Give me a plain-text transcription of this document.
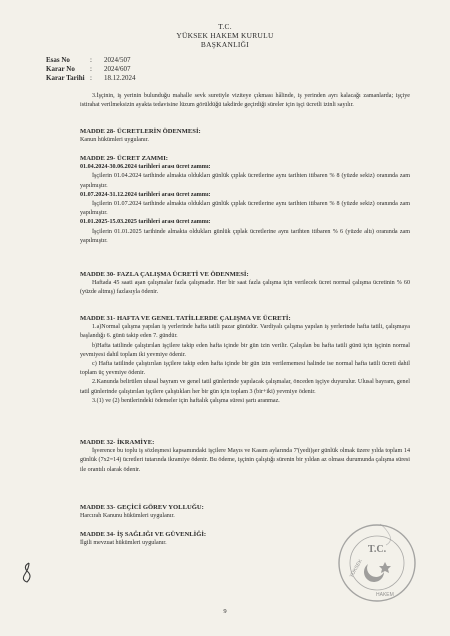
T.C.
YÜKSEK HAKEM KURULU
BAŞKANLIĞI
Esas No	: 2024/507
Karar No : 2024/607
Karar Tarihi : 18.12.2024

3.İşçinin, iş yerinin bulunduğu mahalle sevk suretiyle viziteye çıkması hâlinde, iş yerinden ayrı kalacağı zamanlarda; işçiye istirahat verilmeksizin ayakta tedavisine lüzum görüldüğü takdirde geçirdiği süreler için işçi ücretli izinli sayılır.

MADDE 28- ÜCRETLERİN ÖDENMESİ:

Kanun hükümleri uygulanır.

MADDE 29- ÜCRET ZAMMI:

01.04.2024-30.06.2024 tarihleri arası ücret zammı:

İşçilerin 01.04.2024 tarihinde almakta oldukları günlük çıplak ücretlerine aynı tarihten itibaren % 8 (yüzde sekiz) oranında zam yapılmıştır.

01.07.2024-31.12.2024 tarihleri arası ücret zammı:

İşçilerin 01.07.2024 tarihinde almakta oldukları günlük çıplak ücretlerine aynı tarihten itibaren % 8 (yüzde sekiz) oranında zam yapılmıştır.

01.01.2025-15.03.2025 tarihleri arası ücret zammı:

İşçilerin 01.01.2025 tarihinde almakta oldukları günlük çıplak ücretlerine aynı tarihten itibaren % 6 (yüzde altı) oranında zam yapılmıştır.

MADDE 30- FAZLA ÇALIŞMA ÜCRETİ VE ÖDENMESİ:

Haftada 45 saati aşan çalışmalar fazla çalışmadır. Her bir saat fazla çalışma için verilecek ücret normal çalışma ücretinin % 60 (yüzde altmış) fazlasıyla ödenir.

MADDE 31- HAFTA VE GENEL TATİLLERDE ÇALIŞMA VE ÜCRETİ:

1.a)Normal çalışma yapılan iş yerlerinde hafta tatili pazar günüdür. Vardiyalı çalışma yapılan iş yerlerinde hafta tatili, çalışmaya başlandığı 6. günü takip eden 7. gündür.

b)Hafta tatilinde çalıştırılan işçilere takip eden hafta içinde bir gün izin verilir. Çalışılan bu hafta tatili günü için işçinin normal yevmiyesi dahil toplam iki yevmiye ödenir.

c) Hafta tatilinde çalıştırılan işçilere takip eden hafta içinde bir gün izin verilememesi halinde ise normal hafta tatili ücreti dahil toplam üç yevmiye ödenir.

2.Kanunda belirtilen ulusal bayram ve genel tatil günlerinde yapılacak çalışmalar, önceden işçiye duyurulur. Ulusal bayram, genel tatil günlerinde çalıştırılan işçilere çalıştıkları her bir gün için toplam 3 (bir+iki) yevmiye ödenir.

3.(1) ve (2) bentlerindeki ödemeler için haftalık çalışma süresi şartı aranmaz.

MADDE 32- İKRAMİYE:

İşverence bu toplu iş sözleşmesi kapsamındaki işçilere Mayıs ve Kasım aylarında 7'(yedi)şer günlük olmak üzere yılda toplam 14 günlük (7x2=14) ücretleri tutarında ikramiye ödenir. Bu ödeme, işçinin çalıştığı sürenin bir yıldan az olması durumunda çalışma süresi ile orantılı olarak ödenir.

MADDE 33- GEÇİCİ GÖREV YOLLUĞU:

Harcırah Kanunu hükümleri uygulanır.

MADDE 34- İŞ SAĞLIĞI VE GÜVENLİĞİ:

İlgili mevzuat hükümleri uygulanır.

T.C.
YÜKSEK
HAKEM
9
